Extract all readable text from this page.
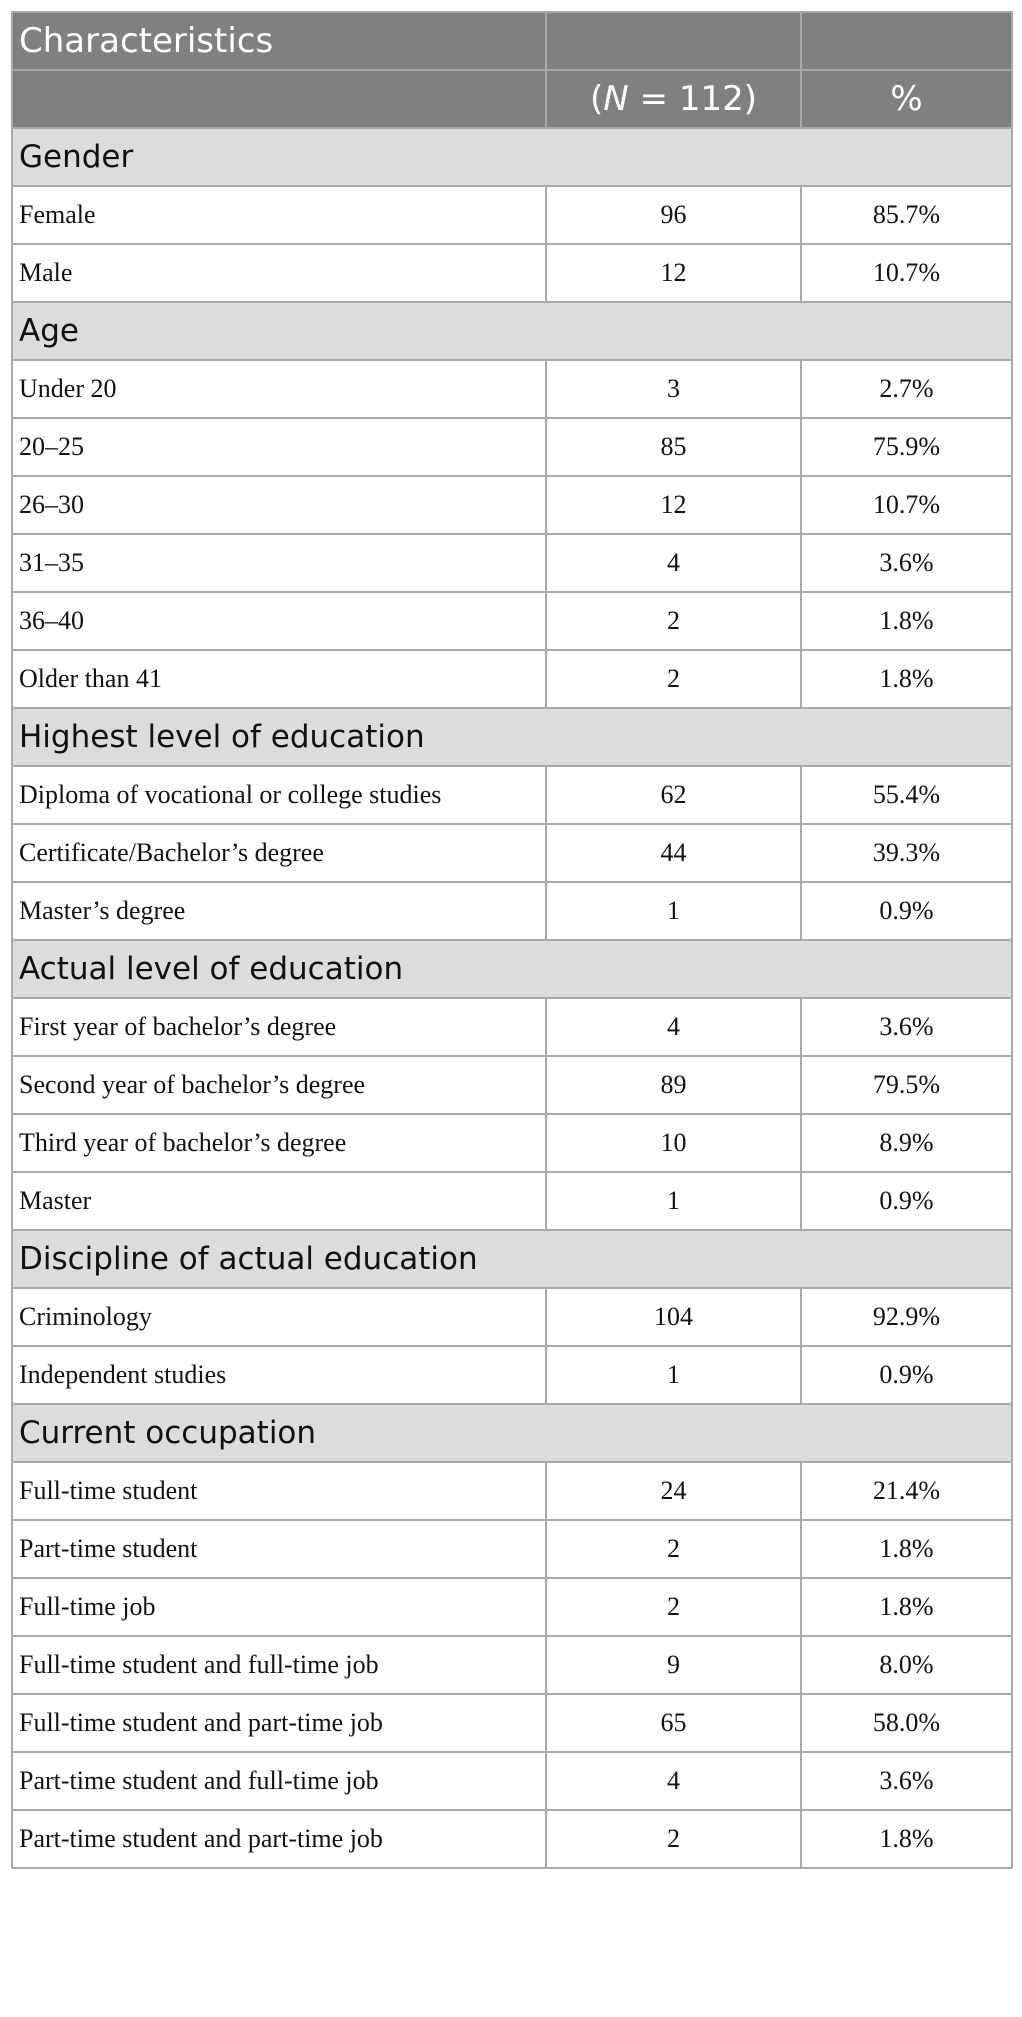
Characteristics		
	(N = 112)	%
Gender		
Female	96	85.7%
Male	12	10.7%
Age		
Under 20	3	2.7%
20–25	85	75.9%
26–30	12	10.7%
31–35	4	3.6%
36–40	2	1.8%
Older than 41	2	1.8%
Highest level of education		
Diploma of vocational or college studies	62	55.4%
Certificate/Bachelor’s degree	44	39.3%
Master’s degree	1	0.9%
Actual level of education		
First year of bachelor’s degree	4	3.6%
Second year of bachelor’s degree	89	79.5%
Third year of bachelor’s degree	10	8.9%
Master	1	0.9%
Discipline of actual education		
Criminology	104	92.9%
Independent studies	1	0.9%
Current occupation		
Full-time student	24	21.4%
Part-time student	2	1.8%
Full-time job	2	1.8%
Full-time student and full-time job	9	8.0%
Full-time student and part-time job	65	58.0%
Part-time student and full-time job	4	3.6%
Part-time student and part-time job	2	1.8%
